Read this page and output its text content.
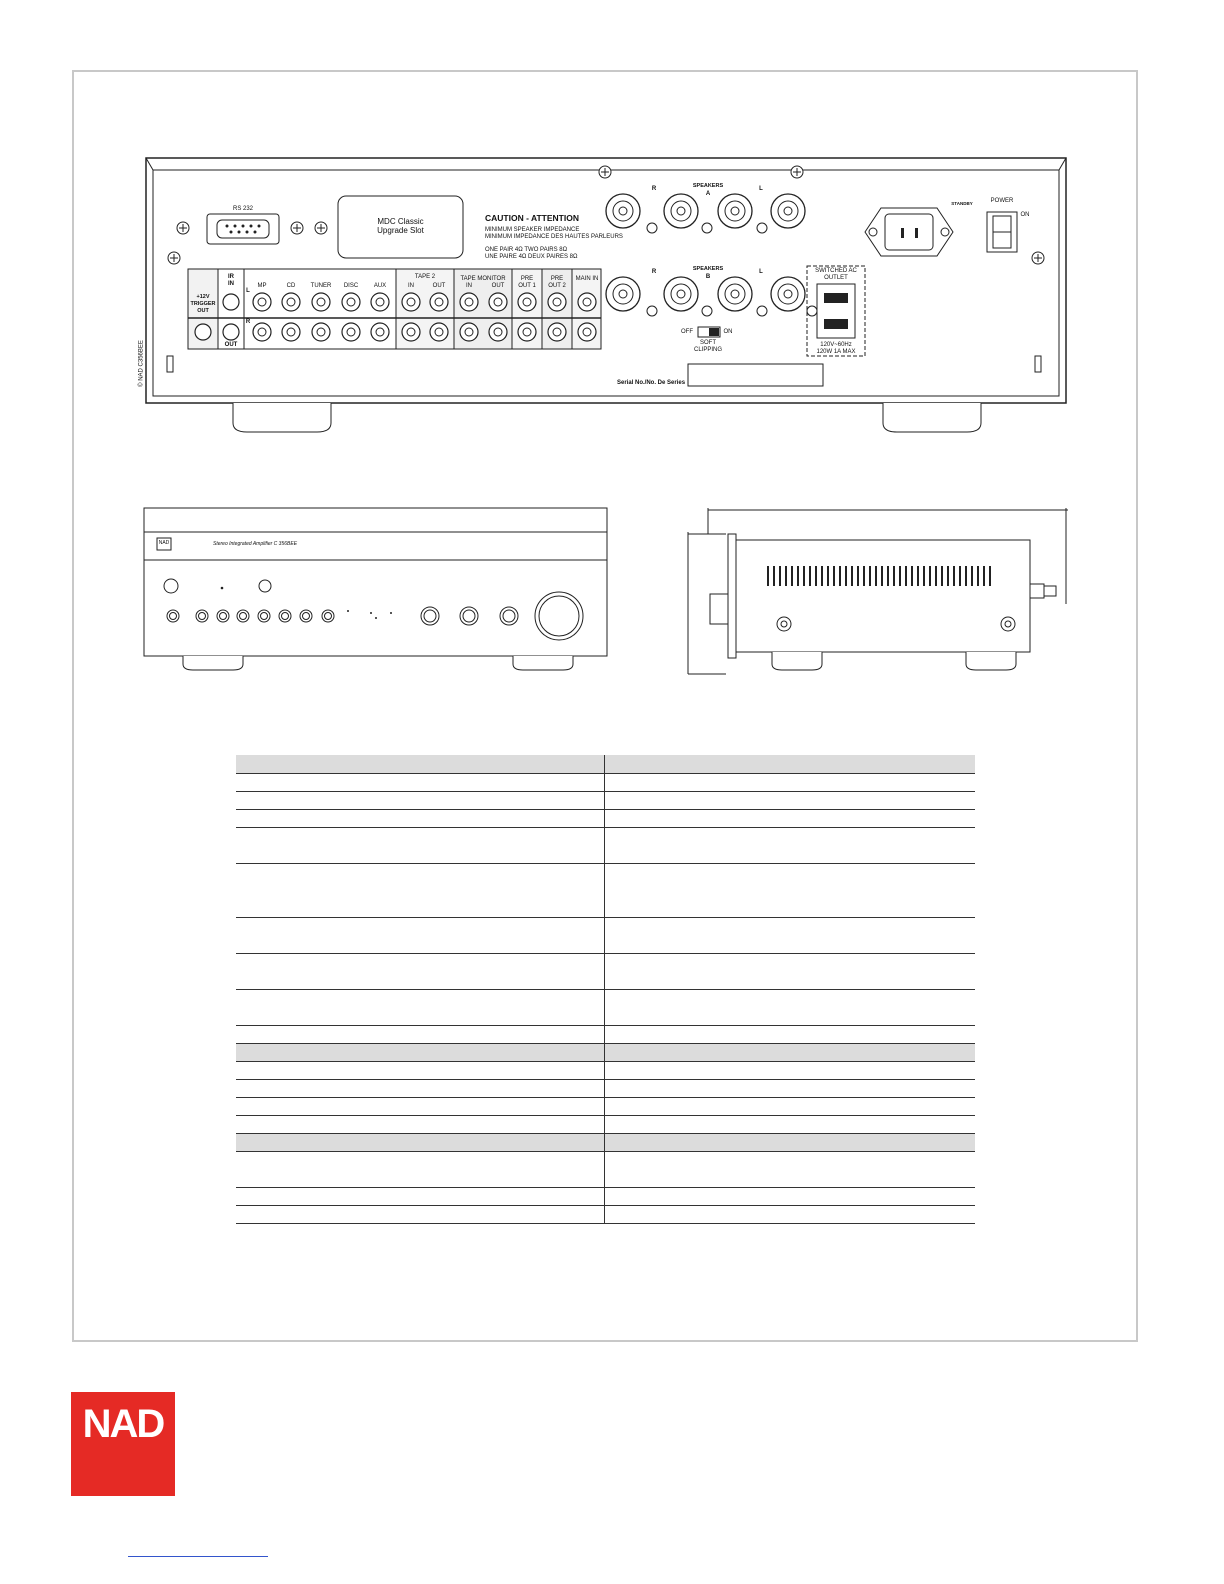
RS 232
MDC Classic
Upgrade Slot
CAUTION - ATTENTION
MINIMUM SPEAKER IMPEDANCE
MINIMUM IMPEDANCE DES HAUTES PARLEURS
ONE PAIR 4Ω TWO PAIRS 8Ω
UNE PAIRE 4Ω DEUX PAIRES 8Ω
SPEAKERS
A
SPEAKERS
B
R	L
R	L
STANDBY	POWER
ON
+12V TRIGGER OUT
IR IN
OUT
MP	CD	TUNER	DISC	AUX
TAPE 2
IN	OUT
TAPE MONITOR
IN	OUT
PRE OUT 1
PRE OUT 2
MAIN IN
L
R
OFF	ON
SOFT CLIPPING
SWITCHED AC OUTLET
120V~60Hz
120W 1A MAX
Serial No./No. De Series
© NAD C356BEE
NAD	Stereo Integrated Amplifier C 356BEE

NAD
